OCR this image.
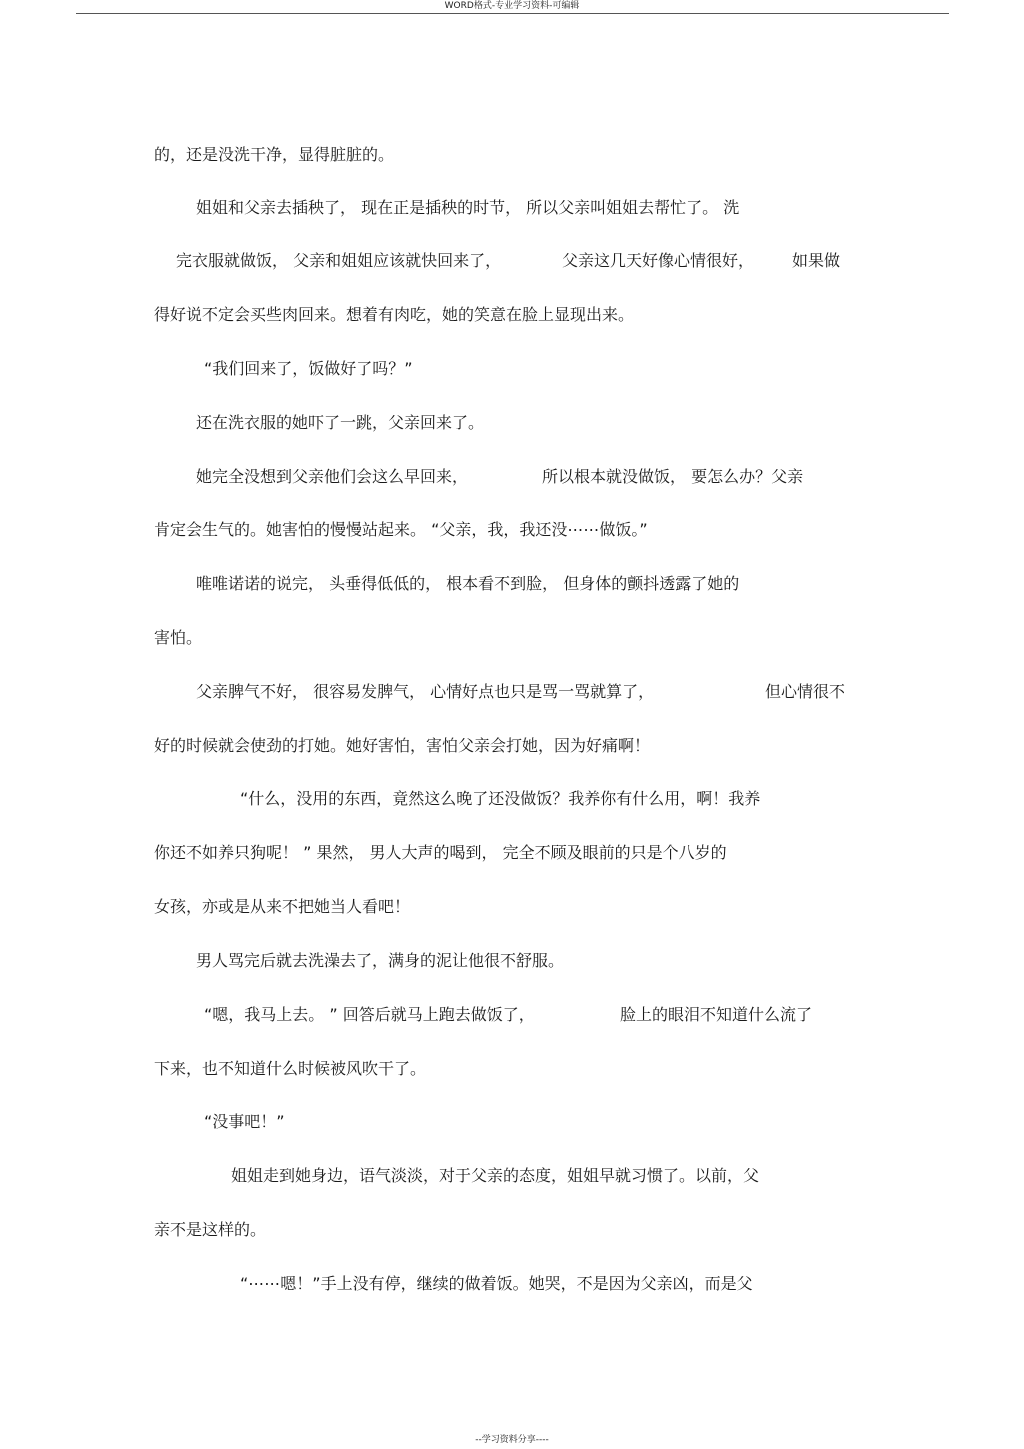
WORD格式-专业学习资料-可编辑
的，还是没洗干净，显得脏脏的。
姐姐和父亲去插秧了， 现在正是插秧的时节， 所以父亲叫姐姐去帮忙了。 洗
完衣服就做饭， 父亲和姐姐应该就快回来了，	父亲这几天好像心情很好， 如果做
得好说不定会买些肉回来。想着有肉吃，她的笑意在脸上显现出来。
“我们回来了，饭做好了吗？”
还在洗衣服的她吓了一跳，父亲回来了。
她完全没想到父亲他们会这么早回来，	所以根本就没做饭， 要怎么办？父亲
肯定会生气的。她害怕的慢慢站起来。 “父亲，我，我还没⋯⋯做饭。”
唯唯诺诺的说完， 头垂得低低的， 根本看不到脸， 但身体的颤抖透露了她的
害怕。
父亲脾气不好， 很容易发脾气， 心情好点也只是骂一骂就算了，	但心情很不
好的时候就会使劲的打她。她好害怕，害怕父亲会打她，因为好痛啊！
“什么，没用的东西，竟然这么晚了还没做饭？我养你有什么用，啊！我养
你还不如养只狗呢！ ” 果然， 男人大声的喝到， 完全不顾及眼前的只是个八岁的
女孩，亦或是从来不把她当人看吧！
男人骂完后就去洗澡去了，满身的泥让他很不舒服。
“嗯，我马上去。 ” 回答后就马上跑去做饭了，	脸上的眼泪不知道什么流了
下来，也不知道什么时候被风吹干了。
“没事吧！”
姐姐走到她身边，语气淡淡，对于父亲的态度，姐姐早就习惯了。以前，父
亲不是这样的。
“⋯⋯嗯！”手上没有停，继续的做着饭。她哭，不是因为父亲凶，而是父
--学习资料分享----
